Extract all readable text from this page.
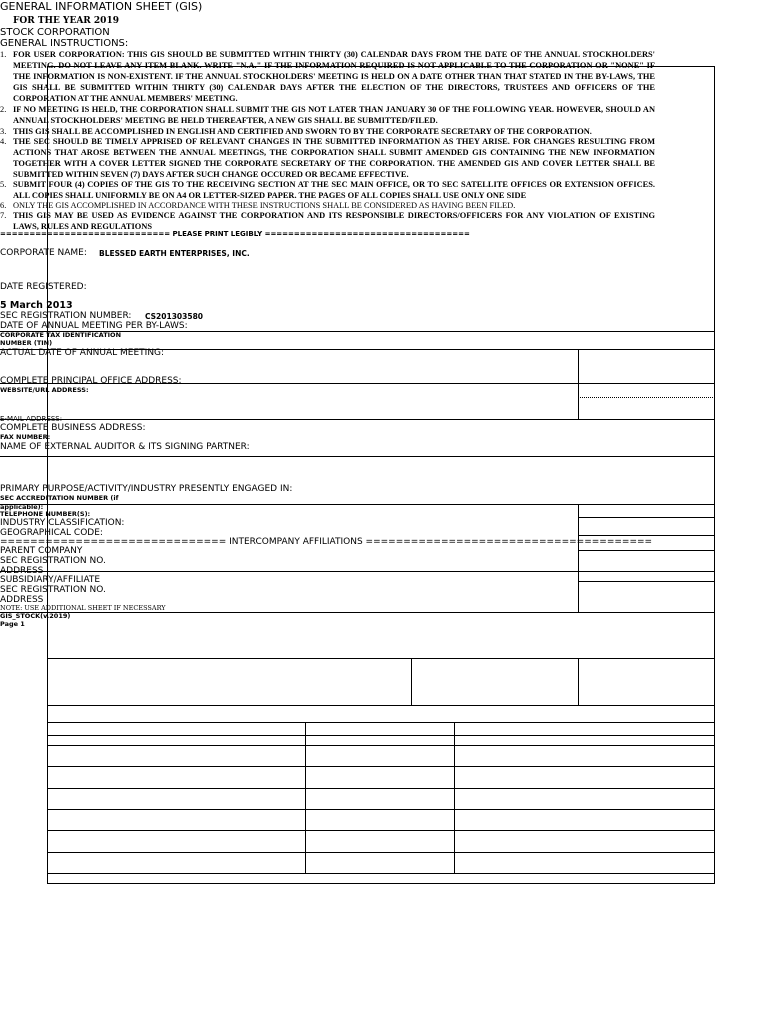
GENERAL INFORMATION SHEET (GIS)
FOR THE YEAR 2019
STOCK CORPORATION
GENERAL INSTRUCTIONS:
1. FOR USER CORPORATION: THIS GIS SHOULD BE SUBMITTED WITHIN THIRTY (30) CALENDAR DAYS FROM THE DATE OF THE ANNUAL STOCKHOLDERS' MEETING. DO NOT LEAVE ANY ITEM BLANK. WRITE "N.A." IF THE INFORMATION REQUIRED IS NOT APPLICABLE TO THE CORPORATION OR "NONE" IF THE INFORMATION IS NON-EXISTENT. IF THE ANNUAL STOCKHOLDERS' MEETING IS HELD ON A DATE OTHER THAN THAT STATED IN THE BY-LAWS, THE GIS SHALL BE SUBMITTED WITHIN THIRTY (30) CALENDAR DAYS AFTER THE ELECTION OF THE DIRECTORS, TRUSTEES AND OFFICERS OF THE CORPORATION AT THE ANNUAL MEMBERS' MEETING.
2. IF NO MEETING IS HELD, THE CORPORATION SHALL SUBMIT THE GIS NOT LATER THAN JANUARY 30 OF THE FOLLOWING YEAR. HOWEVER, SHOULD AN ANNUAL STOCKHOLDERS' MEETING BE HELD THEREAFTER, A NEW GIS SHALL BE SUBMITTED/FILED.
3. THIS GIS SHALL BE ACCOMPLISHED IN ENGLISH AND CERTIFIED AND SWORN TO BY THE CORPORATE SECRETARY OF THE CORPORATION.
4. THE SEC SHOULD BE TIMELY APPRISED OF RELEVANT CHANGES IN THE SUBMITTED INFORMATION AS THEY ARISE. FOR CHANGES RESULTING FROM ACTIONS THAT AROSE BETWEEN THE ANNUAL MEETINGS, THE CORPORATION SHALL SUBMIT AMENDED GIS CONTAINING THE NEW INFORMATION TOGETHER WITH A COVER LETTER SIGNED THE CORPORATE SECRETARY OF THE CORPORATION. THE AMENDED GIS AND COVER LETTER SHALL BE SUBMITTED WITHIN SEVEN (7) DAYS AFTER SUCH CHANGE OCCURED OR BECAME EFFECTIVE.
5. SUBMIT FOUR (4) COPIES OF THE GIS TO THE RECEIVING SECTION AT THE SEC MAIN OFFICE, OR TO SEC SATELLITE OFFICES OR EXTENSION OFFICES. ALL COPIES SHALL UNIFORMLY BE ON A4 OR LETTER-SIZED PAPER. THE PAGES OF ALL COPIES SHALL USE ONLY ONE SIDE
6. ONLY THE GIS ACCOMPLISHED IN ACCORDANCE WITH THESE INSTRUCTIONS SHALL BE CONSIDERED AS HAVING BEEN FILED.
7. THIS GIS MAY BE USED AS EVIDENCE AGAINST THE CORPORATION AND ITS RESPONSIBLE DIRECTORS/OFFICERS FOR ANY VIOLATION OF EXISTING LAWS, RULES AND REGULATIONS
============================= PLEASE PRINT LEGIBLY ===================================
CORPORATE NAME: BLESSED EARTH ENTERPRISES, INC.
DATE REGISTERED:
5 March 2013
SEC REGISTRATION NUMBER: CS201303580
DATE OF ANNUAL MEETING PER BY-LAWS:
CORPORATE TAX IDENTIFICATION
NUMBER (TIN)
ACTUAL DATE OF ANNUAL MEETING:
COMPLETE PRINCIPAL OFFICE ADDRESS:
WEBSITE/URL ADDRESS:
E-MAIL ADDRESS:
COMPLETE BUSINESS ADDRESS:
FAX NUMBER:
NAME OF EXTERNAL AUDITOR & ITS SIGNING PARTNER:
PRIMARY PURPOSE/ACTIVITY/INDUSTRY PRESENTLY ENGAGED IN:
SEC ACCREDITATION NUMBER (if
applicable):
TELEPHONE NUMBER(S):
INDUSTRY CLASSIFICATION:
GEOGRAPHICAL CODE:
============================== INTERCOMPANY AFFILIATIONS ======================================
PARENT COMPANY
SEC REGISTRATION NO.
ADDRESS
SUBSIDIARY/AFFILIATE
SEC REGISTRATION NO.
ADDRESS
NOTE: USE ADDITIONAL SHEET IF NECESSARY
GIS_STOCK(v.2019)
Page 1
